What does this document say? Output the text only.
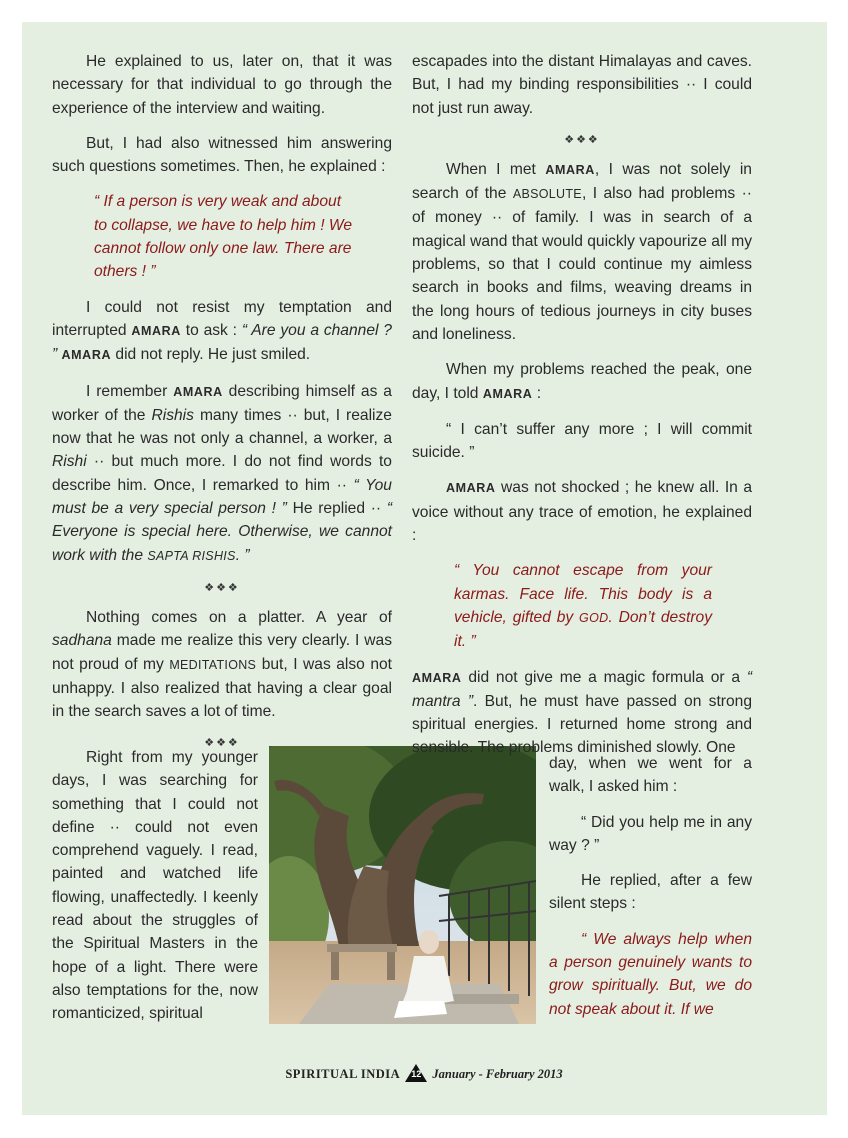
He explained to us, later on, that it was necessary for that individual to go through the experience of the interview and waiting.

But, I had also witnessed him answering such questions sometimes. Then, he explained :

“ If a person is very weak and about to collapse, we have to help him ! We cannot follow only one law. There are others ! ”

I could not resist my temptation and interrupted AMARA to ask : “ Are you a channel ? ” AMARA did not reply. He just smiled.

I remember AMARA describing himself as a worker of the Rishis many times ·· but, I realize now that he was not only a channel, a worker, a Rishi ·· but much more. I do not find words to describe him. Once, I remarked to him ·· “ You must be a very special person ! ” He replied ·· “ Everyone is special here. Otherwise, we cannot work with the SAPTA RISHIS. ”

❖❖❖

Nothing comes on a platter. A year of sadhana made me realize this very clearly. I was not proud of my MEDITATIONS but, I was also not unhappy. I also realized that having a clear goal in the search saves a lot of time.

❖❖❖

Right from my younger days, I was searching for something that I could not define ·· could not even comprehend vaguely. I read, painted and watched life flowing, unaffectedly. I keenly read about the struggles of the Spiritual Masters in the hope of a light. There were also temptations for the, now romanticized, spiritual

escapades into the distant Himalayas and caves. But, I had my binding responsibilities ·· I could not just run away.

❖❖❖

When I met AMARA, I was not solely in search of the ABSOLUTE, I also had problems ·· of money ·· of family. I was in search of a magical wand that would quickly vapourize all my problems, so that I could continue my aimless search in books and films, weaving dreams in the long hours of tedious journeys in city buses and loneliness.

When my problems reached the peak, one day, I told AMARA :

“ I can’t suffer any more ; I will commit suicide. ”

AMARA was not shocked ; he knew all. In a voice without any trace of emotion, he explained :

“ You cannot escape from your karmas. Face life. This body is a vehicle, gifted by GOD. Don’t destroy it. ”

AMARA did not give me a magic formula or a “ mantra ”. But, he must have passed on strong spiritual energies. I returned home strong and sensible. The problems diminished slowly. One

day, when we went for a walk, I asked him :

“ Did you help me in any way ? ”

He replied, after a few silent steps :

“ We always help when a person genuinely wants to grow spiritually. But, we do not speak about it. If we

SPIRITUAL INDIA	12 January - February 2013
